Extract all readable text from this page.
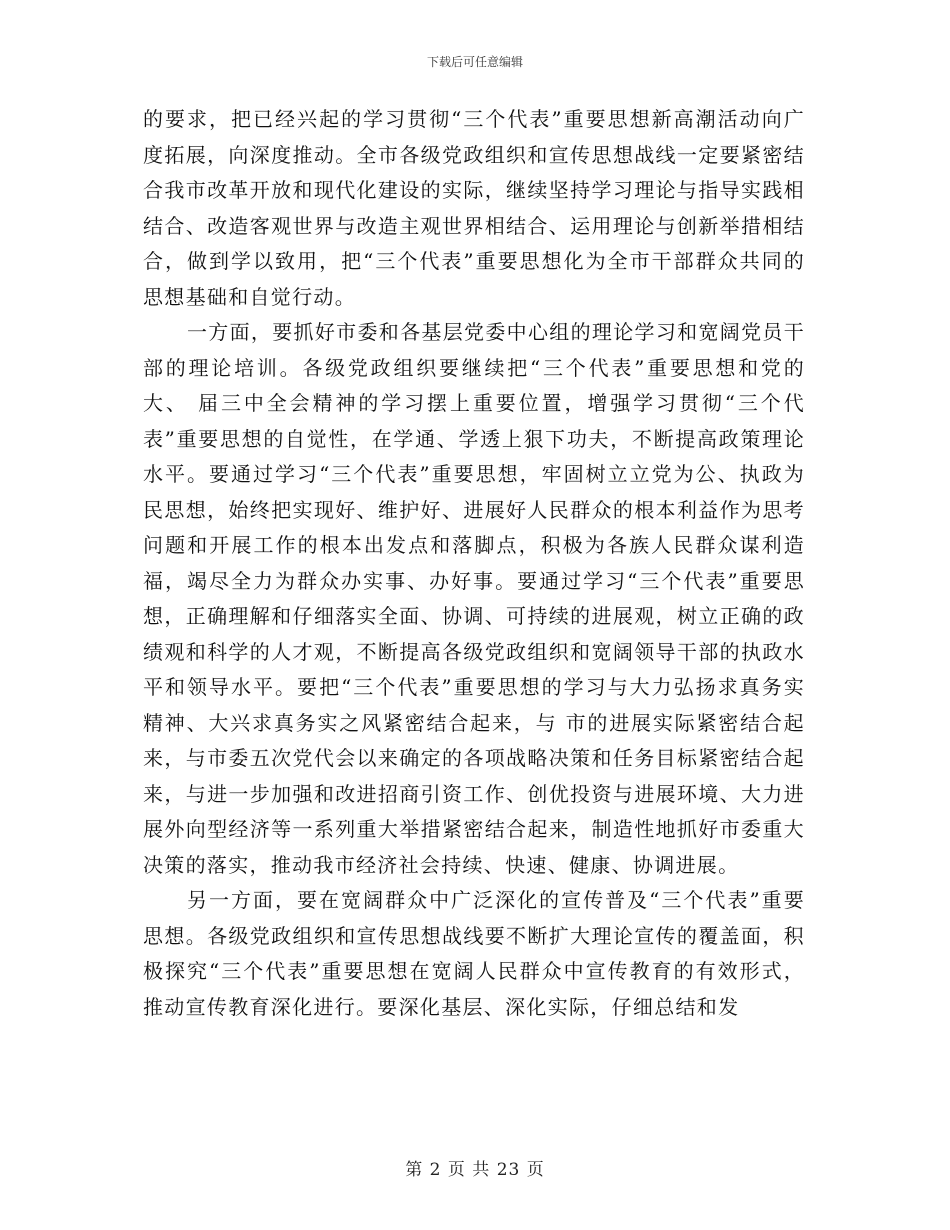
下载后可任意编辑

的要求，把已经兴起的学习贯彻“三个代表”重要思想新高潮活动向广度拓展，向深度推动。全市各级党政组织和宣传思想战线一定要紧密结合我市改革开放和现代化建设的实际，继续坚持学习理论与指导实践相结合、改造客观世界与改造主观世界相结合、运用理论与创新举措相结合，做到学以致用，把“三个代表”重要思想化为全市干部群众共同的思想基础和自觉行动。

一方面，要抓好市委和各基层党委中心组的理论学习和宽阔党员干部的理论培训。各级党政组织要继续把“三个代表”重要思想和党的 大、 届三中全会精神的学习摆上重要位置，增强学习贯彻“三个代表”重要思想的自觉性，在学通、学透上狠下功夫，不断提高政策理论水平。要通过学习“三个代表”重要思想，牢固树立立党为公、执政为民思想，始终把实现好、维护好、进展好人民群众的根本利益作为思考问题和开展工作的根本出发点和落脚点，积极为各族人民群众谋利造福，竭尽全力为群众办实事、办好事。要通过学习“三个代表”重要思想，正确理解和仔细落实全面、协调、可持续的进展观，树立正确的政绩观和科学的人才观，不断提高各级党政组织和宽阔领导干部的执政水平和领导水平。要把“三个代表”重要思想的学习与大力弘扬求真务实精神、大兴求真务实之风紧密结合起来，与 市的进展实际紧密结合起来，与市委五次党代会以来确定的各项战略决策和任务目标紧密结合起来，与进一步加强和改进招商引资工作、创优投资与进展环境、大力进展外向型经济等一系列重大举措紧密结合起来，制造性地抓好市委重大决策的落实，推动我市经济社会持续、快速、健康、协调进展。

另一方面，要在宽阔群众中广泛深化的宣传普及“三个代表”重要思想。各级党政组织和宣传思想战线要不断扩大理论宣传的覆盖面，积极探究“三个代表”重要思想在宽阔人民群众中宣传教育的有效形式，推动宣传教育深化进行。要深化基层、深化实际，仔细总结和发

第 2 页 共 23 页
